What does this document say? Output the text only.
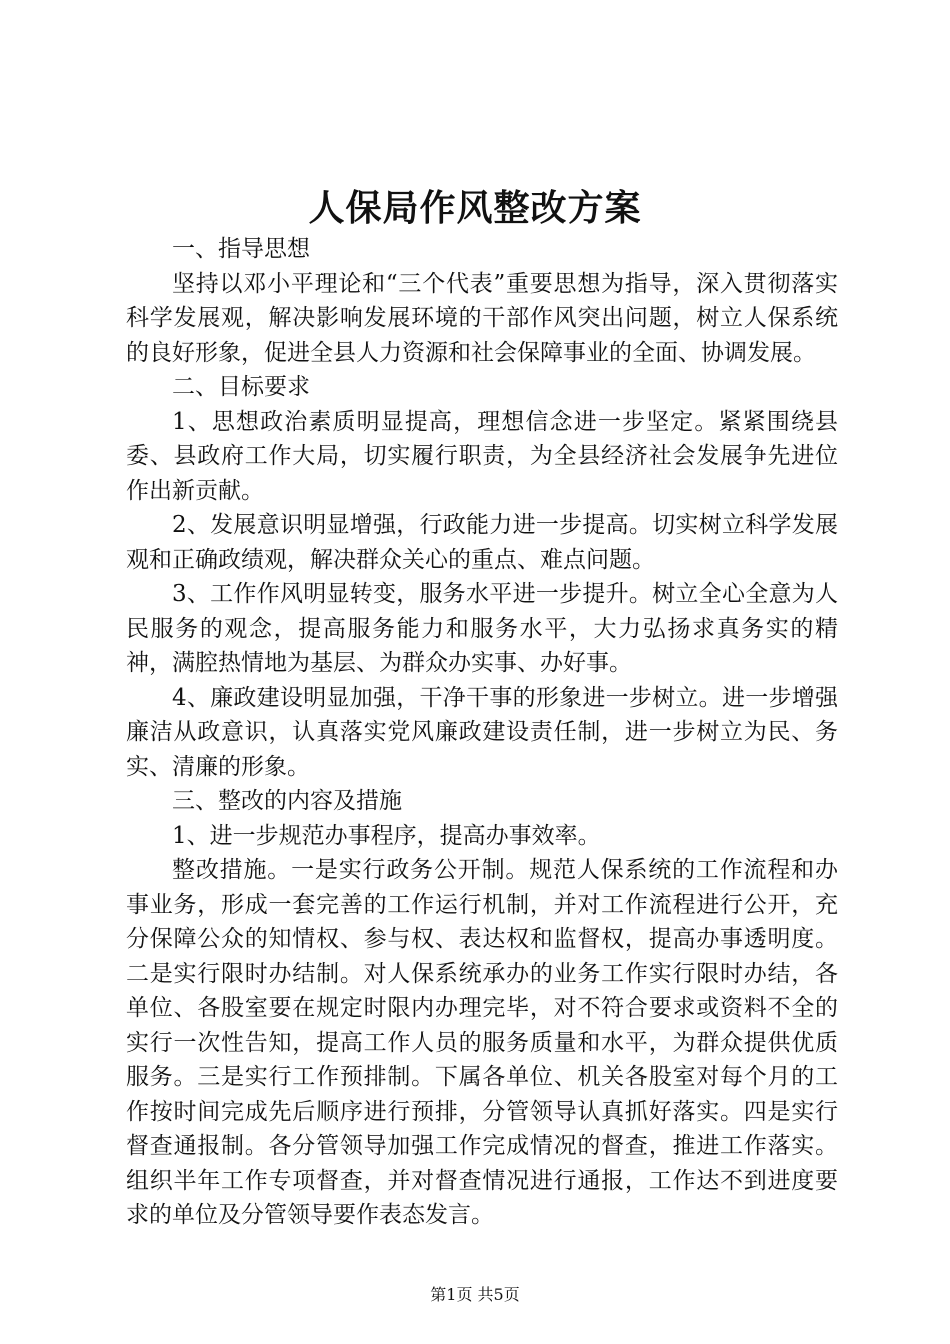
人保局作风整改方案

一、指导思想

坚持以邓小平理论和“三个代表”重要思想为指导，深入贯彻落实科学发展观，解决影响发展环境的干部作风突出问题，树立人保系统的良好形象，促进全县人力资源和社会保障事业的全面、协调发展。

二、目标要求

1、思想政治素质明显提高，理想信念进一步坚定。紧紧围绕县委、县政府工作大局，切实履行职责，为全县经济社会发展争先进位作出新贡献。

2、发展意识明显增强，行政能力进一步提高。切实树立科学发展观和正确政绩观，解决群众关心的重点、难点问题。

3、工作作风明显转变，服务水平进一步提升。树立全心全意为人民服务的观念，提高服务能力和服务水平，大力弘扬求真务实的精神，满腔热情地为基层、为群众办实事、办好事。

4、廉政建设明显加强，干净干事的形象进一步树立。进一步增强廉洁从政意识，认真落实党风廉政建设责任制，进一步树立为民、务实、清廉的形象。

三、整改的内容及措施

1、进一步规范办事程序，提高办事效率。

整改措施。一是实行政务公开制。规范人保系统的工作流程和办事业务，形成一套完善的工作运行机制，并对工作流程进行公开，充分保障公众的知情权、参与权、表达权和监督权，提高办事透明度。二是实行限时办结制。对人保系统承办的业务工作实行限时办结，各单位、各股室要在规定时限内办理完毕，对不符合要求或资料不全的实行一次性告知，提高工作人员的服务质量和水平，为群众提供优质服务。三是实行工作预排制。下属各单位、机关各股室对每个月的工作按时间完成先后顺序进行预排，分管领导认真抓好落实。四是实行督查通报制。各分管领导加强工作完成情况的督查，推进工作落实。组织半年工作专项督查，并对督查情况进行通报，工作达不到进度要求的单位及分管领导要作表态发言。

第1页 共5页
